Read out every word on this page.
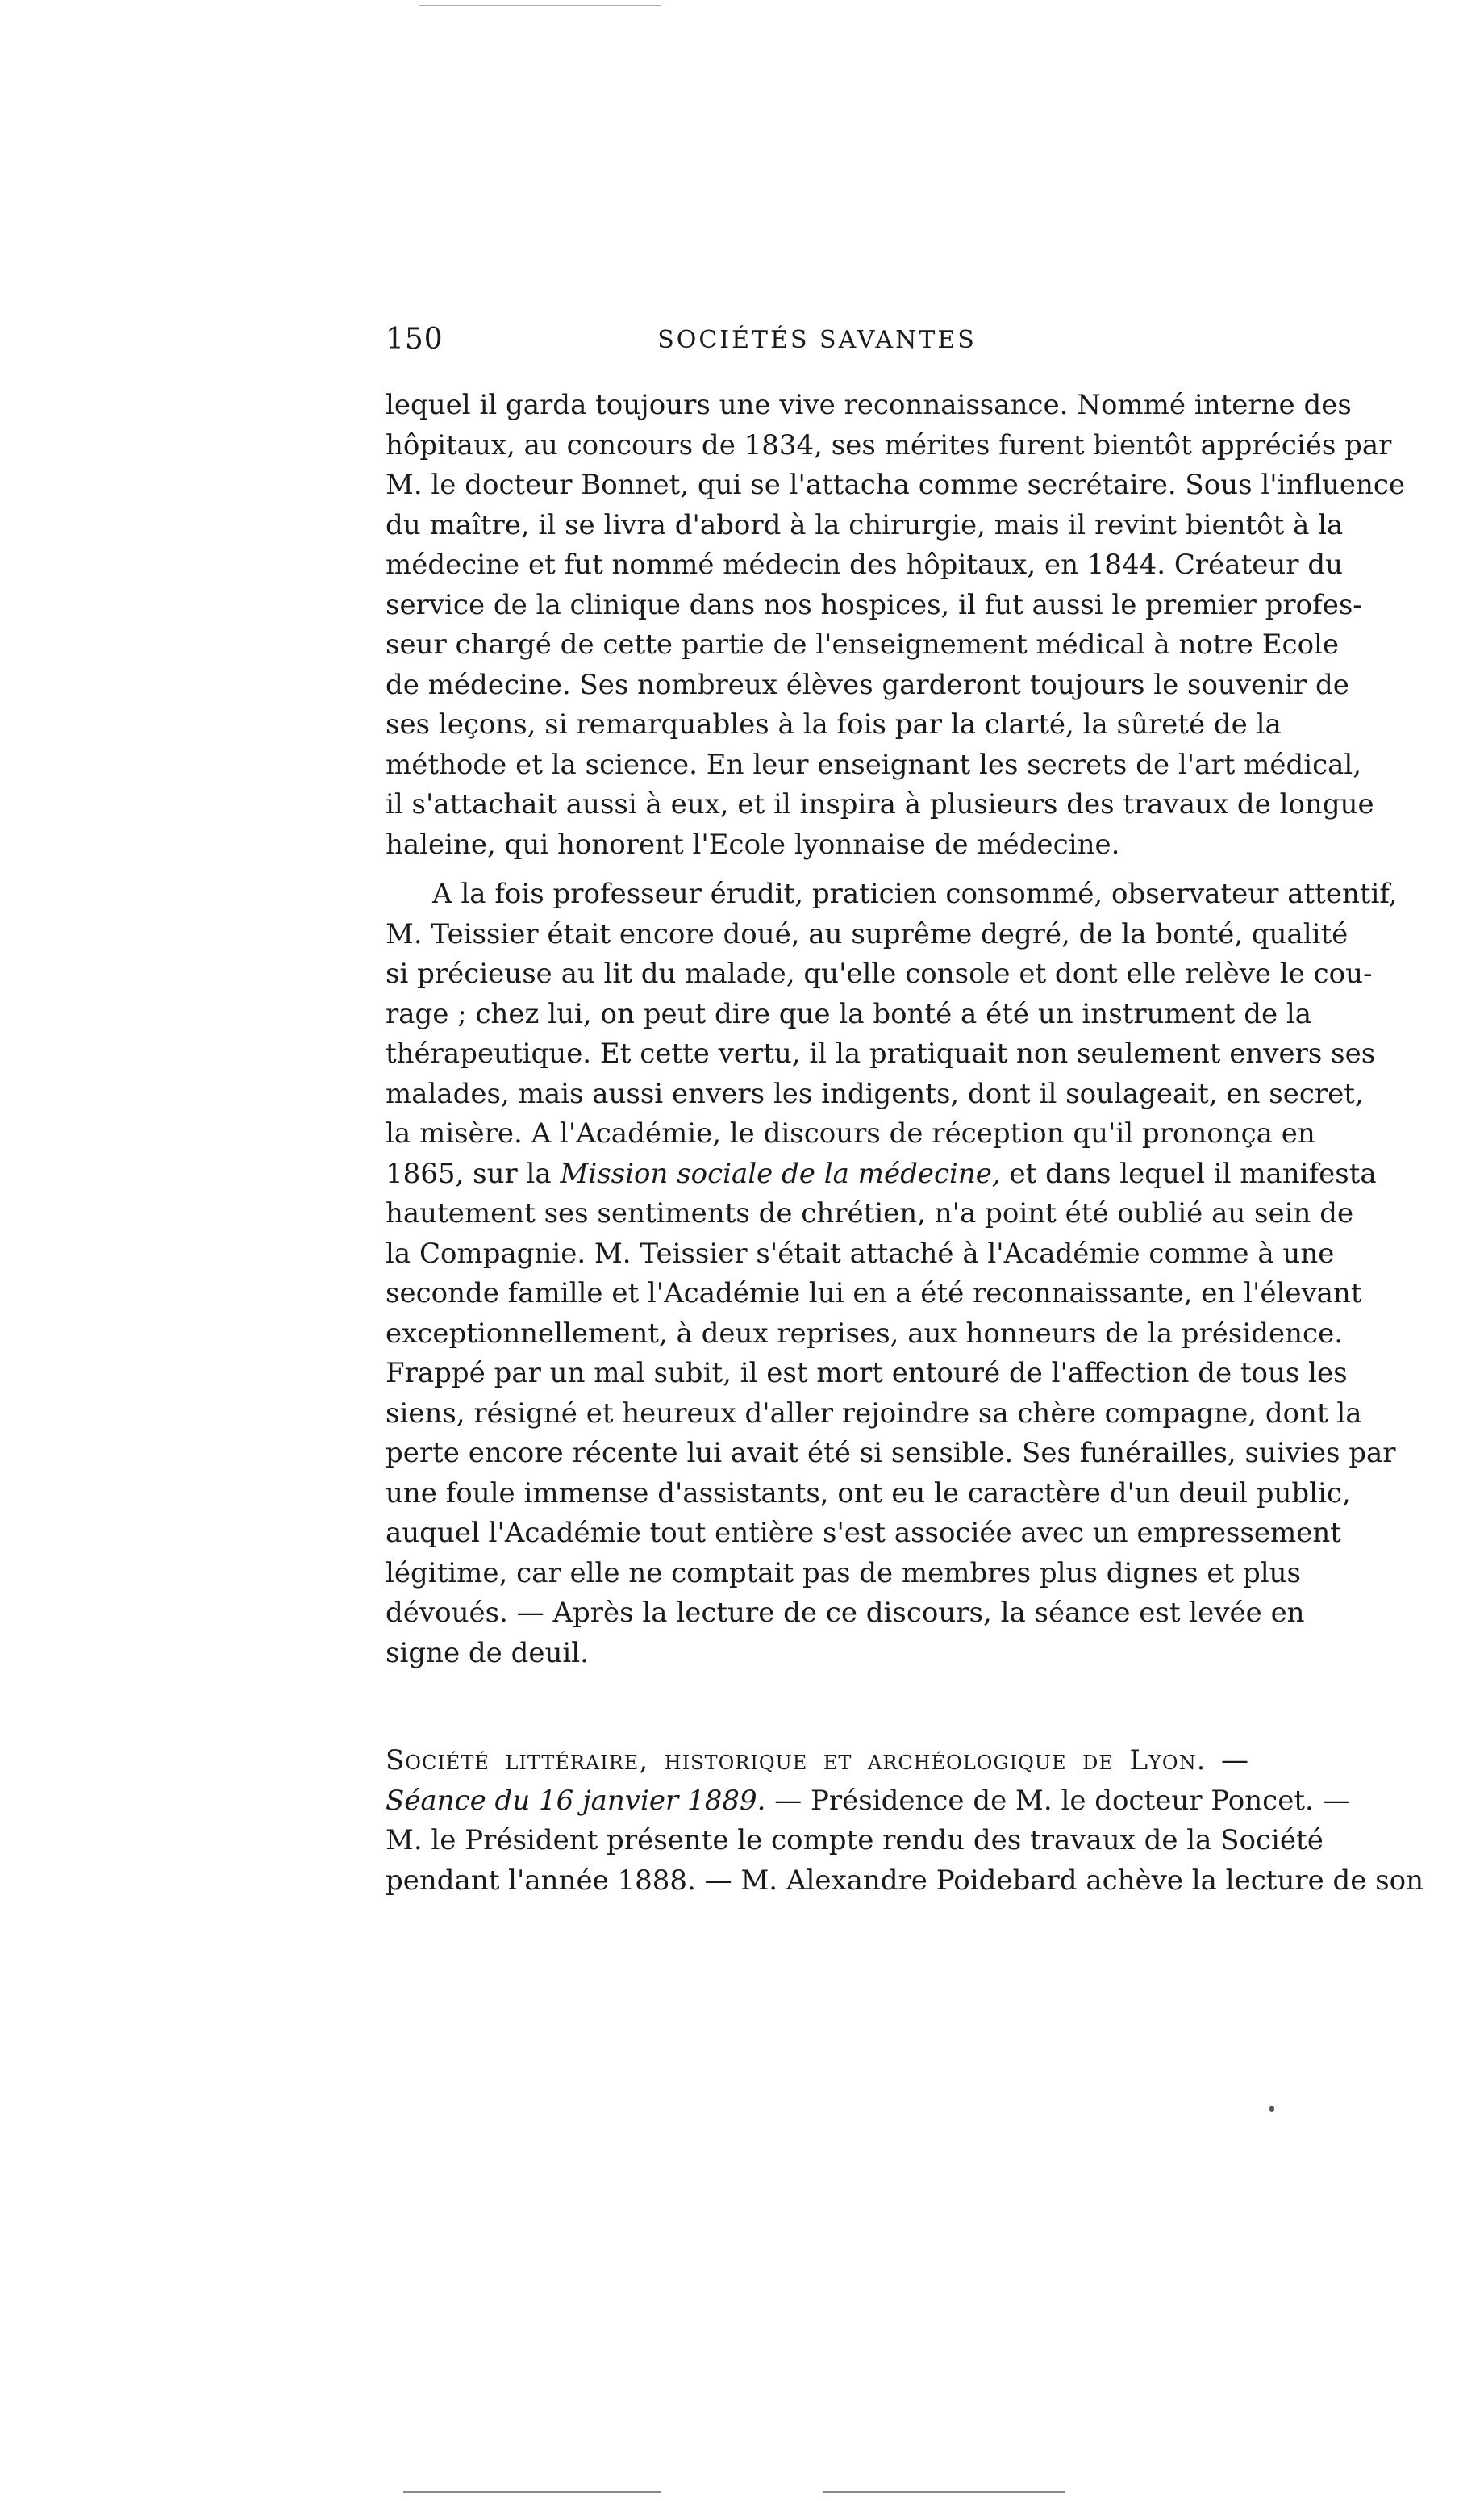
150	SOCIÉTÉS SAVANTES
lequel il garda toujours une vive reconnaissance. Nommé interne des
hôpitaux, au concours de 1834, ses mérites furent bientôt appréciés par
M. le docteur Bonnet, qui se l'attacha comme secrétaire. Sous l'influence
du maître, il se livra d'abord à la chirurgie, mais il revint bientôt à la
médecine et fut nommé médecin des hôpitaux, en 1844. Créateur du
service de la clinique dans nos hospices, il fut aussi le premier profes-
seur chargé de cette partie de l'enseignement médical à notre Ecole
de médecine. Ses nombreux élèves garderont toujours le souvenir de
ses leçons, si remarquables à la fois par la clarté, la sûreté de la
méthode et la science. En leur enseignant les secrets de l'art médical,
il s'attachait aussi à eux, et il inspira à plusieurs des travaux de longue
haleine, qui honorent l'Ecole lyonnaise de médecine.
A la fois professeur érudit, praticien consommé, observateur attentif,
M. Teissier était encore doué, au suprême degré, de la bonté, qualité
si précieuse au lit du malade, qu'elle console et dont elle relève le cou-
rage ; chez lui, on peut dire que la bonté a été un instrument de la
thérapeutique. Et cette vertu, il la pratiquait non seulement envers ses
malades, mais aussi envers les indigents, dont il soulageait, en secret,
la misère. A l'Académie, le discours de réception qu'il prononça en
1865, sur la Mission sociale de la médecine, et dans lequel il manifesta
hautement ses sentiments de chrétien, n'a point été oublié au sein de
la Compagnie. M. Teissier s'était attaché à l'Académie comme à une
seconde famille et l'Académie lui en a été reconnaissante, en l'élevant
exceptionnellement, à deux reprises, aux honneurs de la présidence.
Frappé par un mal subit, il est mort entouré de l'affection de tous les
siens, résigné et heureux d'aller rejoindre sa chère compagne, dont la
perte encore récente lui avait été si sensible. Ses funérailles, suivies par
une foule immense d'assistants, ont eu le caractère d'un deuil public,
auquel l'Académie tout entière s'est associée avec un empressement
légitime, car elle ne comptait pas de membres plus dignes et plus
dévoués. — Après la lecture de ce discours, la séance est levée en
signe de deuil.
Société littéraire, historique et archéologique de Lyon. —
Séance du 16 janvier 1889. — Présidence de M. le docteur Poncet. —
M. le Président présente le compte rendu des travaux de la Société
pendant l'année 1888. — M. Alexandre Poidebard achève la lecture de son
